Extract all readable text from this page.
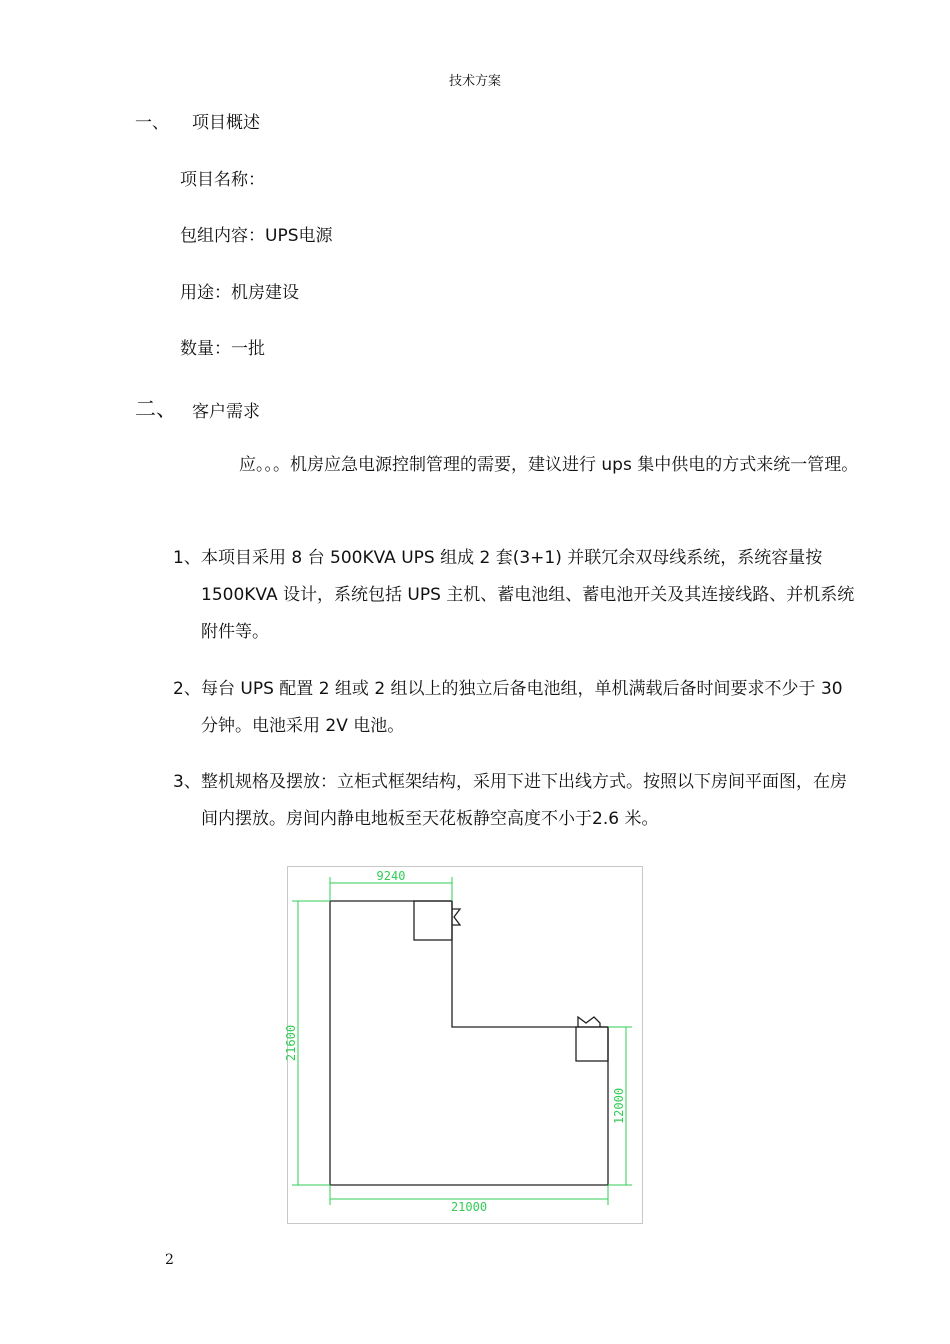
技术方案
一、 项目概述
项目名称：
包组内容：UPS电源
用途：机房建设
数量：一批
二、 客户需求
应。。。机房应急电源控制管理的需要，建议进行 ups 集中供电的方式来统一管理。
1、 本项目采用 8 台 500KVA UPS 组成 2 套(3+1) 并联冗余双母线系统，系统容量按 1500KVA 设计，系统包括 UPS 主机、蓄电池组、蓄电池开关及其连接线路、并机系统附件等。
2、 每台 UPS 配置 2 组或 2 组以上的独立后备电池组，单机满载后备时间要求不少于 30 分钟。电池采用 2V 电池。
3、 整机规格及摆放：立柜式框架结构，采用下进下出线方式。按照以下房间平面图，在房间内摆放。房间内静电地板至天花板静空高度不小于2.6 米。
9240
21600
12000
21000
2
